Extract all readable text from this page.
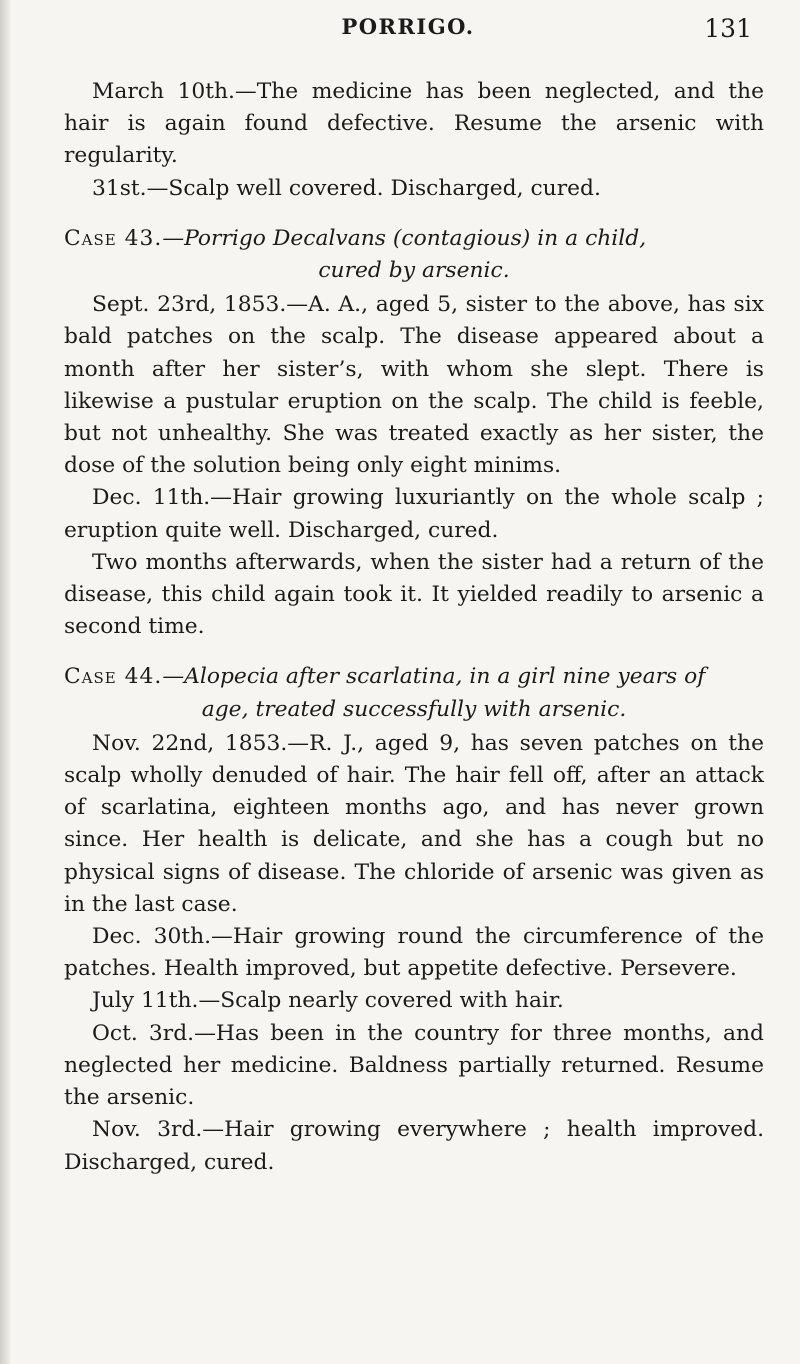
PORRIGO.	131

March 10th.—The medicine has been neglected, and the hair is again found defective. Resume the arsenic with regularity.

31st.—Scalp well covered. Discharged, cured.

Case 43.—Porrigo Decalvans (contagious) in a child,
cured by arsenic.

Sept. 23rd, 1853.—A. A., aged 5, sister to the above, has six bald patches on the scalp. The disease appeared about a month after her sister’s, with whom she slept. There is likewise a pustular eruption on the scalp. The child is feeble, but not unhealthy. She was treated exactly as her sister, the dose of the solution being only eight minims.

Dec. 11th.—Hair growing luxuriantly on the whole scalp ; eruption quite well. Discharged, cured.

Two months afterwards, when the sister had a return of the disease, this child again took it. It yielded readily to arsenic a second time.

Case 44.—Alopecia after scarlatina, in a girl nine years of
age, treated successfully with arsenic.

Nov. 22nd, 1853.—R. J., aged 9, has seven patches on the scalp wholly denuded of hair. The hair fell off, after an attack of scarlatina, eighteen months ago, and has never grown since. Her health is delicate, and she has a cough but no physical signs of disease. The chloride of arsenic was given as in the last case.

Dec. 30th.—Hair growing round the circumference of the patches. Health improved, but appetite defective. Persevere.

July 11th.—Scalp nearly covered with hair.

Oct. 3rd.—Has been in the country for three months, and neglected her medicine. Baldness partially returned. Resume the arsenic.

Nov. 3rd.—Hair growing everywhere ; health improved. Discharged, cured.
